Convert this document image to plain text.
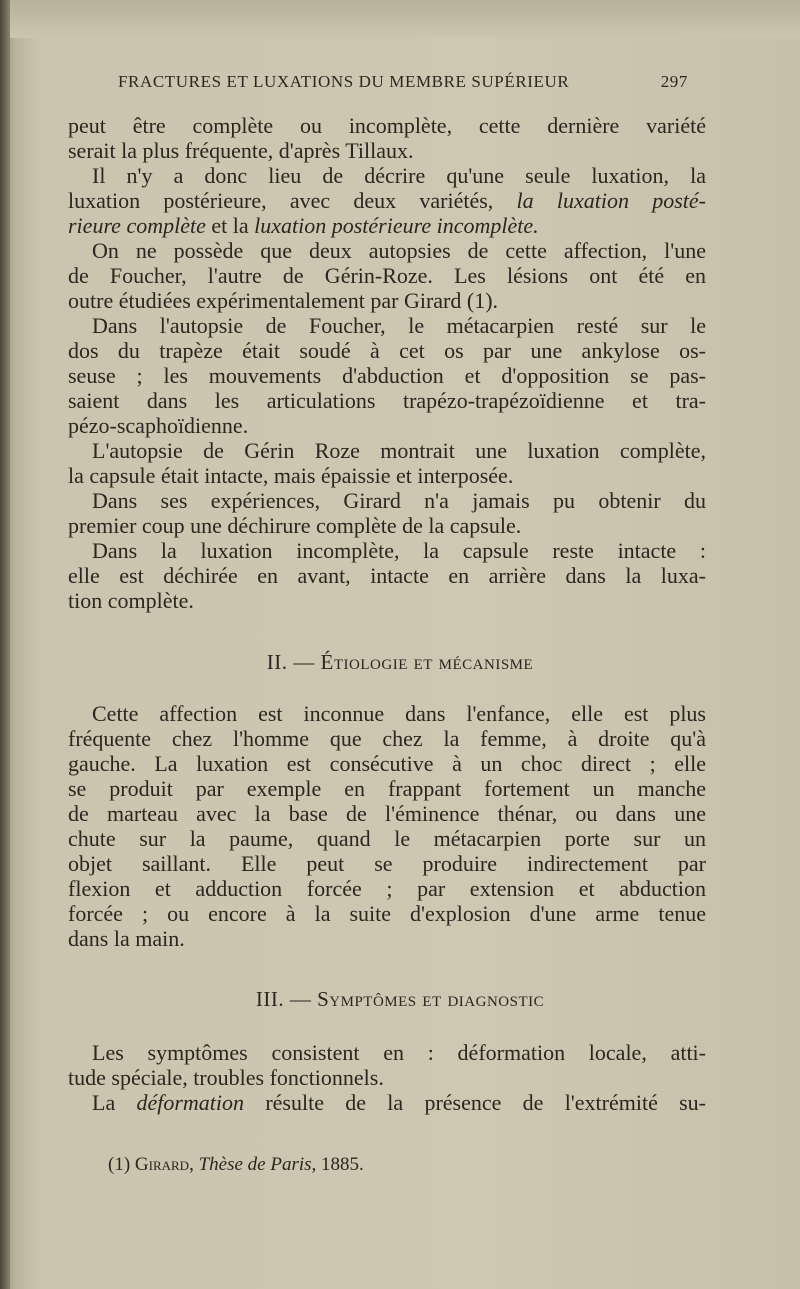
FRACTURES ET LUXATIONS DU MEMBRE SUPÉRIEUR	297
peut être complète ou incomplète, cette dernière variété
serait la plus fréquente, d'après Tillaux.
Il n'y a donc lieu de décrire qu'une seule luxation, la
luxation postérieure, avec deux variétés, la luxation posté-
rieure complète et la luxation postérieure incomplète.
On ne possède que deux autopsies de cette affection, l'une
de Foucher, l'autre de Gérin-Roze. Les lésions ont été en
outre étudiées expérimentalement par Girard (1).
Dans l'autopsie de Foucher, le métacarpien resté sur le
dos du trapèze était soudé à cet os par une ankylose os-
seuse ; les mouvements d'abduction et d'opposition se pas-
saient dans les articulations trapézo-trapézoïdienne et tra-
pézo-scaphoïdienne.
L'autopsie de Gérin Roze montrait une luxation complète,
la capsule était intacte, mais épaissie et interposée.
Dans ses expériences, Girard n'a jamais pu obtenir du
premier coup une déchirure complète de la capsule.
Dans la luxation incomplète, la capsule reste intacte :
elle est déchirée en avant, intacte en arrière dans la luxa-
tion complète.
II. — Étiologie et mécanisme
Cette affection est inconnue dans l'enfance, elle est plus
fréquente chez l'homme que chez la femme, à droite qu'à
gauche. La luxation est consécutive à un choc direct ; elle
se produit par exemple en frappant fortement un manche
de marteau avec la base de l'éminence thénar, ou dans une
chute sur la paume, quand le métacarpien porte sur un
objet saillant. Elle peut se produire indirectement par
flexion et adduction forcée ; par extension et abduction
forcée ; ou encore à la suite d'explosion d'une arme tenue
dans la main.
III. — Symptômes et diagnostic
Les symptômes consistent en : déformation locale, atti-
tude spéciale, troubles fonctionnels.
La déformation résulte de la présence de l'extrémité su-
(1) Girard, Thèse de Paris, 1885.
